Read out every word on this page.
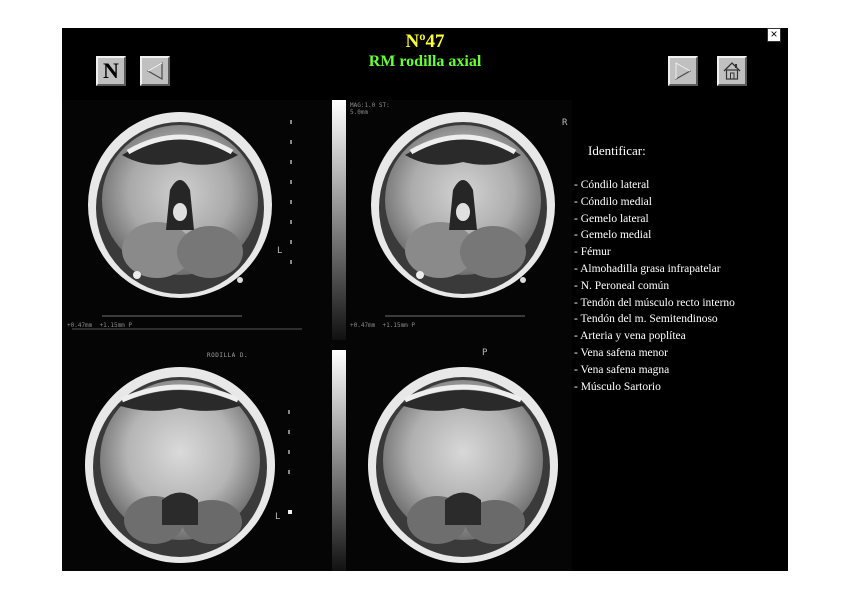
Nº47
RM rodilla axial
N
MAG:1.0 ST:
5.0mm
+0.47mm  +1.15mm P	+0.47mm  +1.15mm P
RODILLA D.
L
L
R
P
Identificar:
- Cóndilo lateral
- Cóndilo medial
- Gemelo lateral
- Gemelo medial
- Fémur
- Almohadilla grasa infrapatelar
- N. Peroneal común
- Tendón del músculo recto interno
- Tendón del m. Semitendinoso
- Arteria y vena poplítea
- Vena safena menor
- Vena safena magna
- Músculo Sartorio
×
